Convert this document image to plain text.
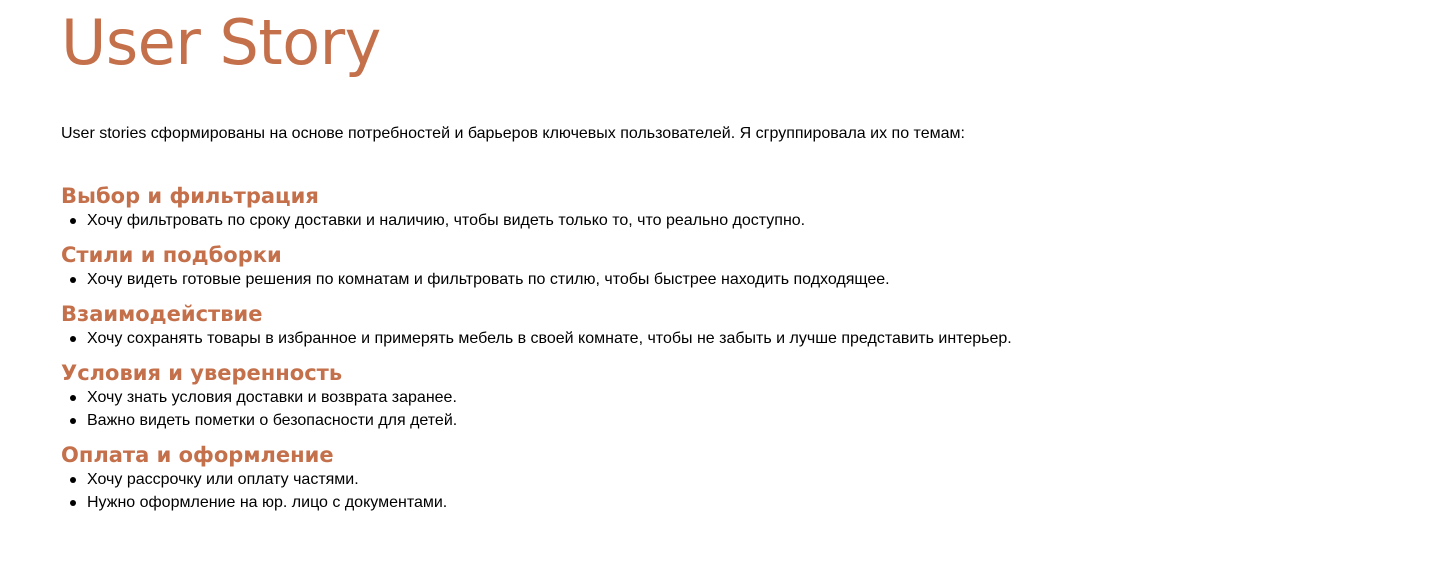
User Story

User stories сформированы на основе потребностей и барьеров ключевых пользователей. Я сгруппировала их по темам:

Выбор и фильтрация
Хочу фильтровать по сроку доставки и наличию, чтобы видеть только то, что реально доступно.
Стили и подборки
Хочу видеть готовые решения по комнатам и фильтровать по стилю, чтобы быстрее находить подходящее.
Взаимодействие
Хочу сохранять товары в избранное и примерять мебель в своей комнате, чтобы не забыть и лучше представить интерьер.
Условия и уверенность
Хочу знать условия доставки и возврата заранее.
Важно видеть пометки о безопасности для детей.
Оплата и оформление
Хочу рассрочку или оплату частями.
Нужно оформление на юр. лицо с документами.
